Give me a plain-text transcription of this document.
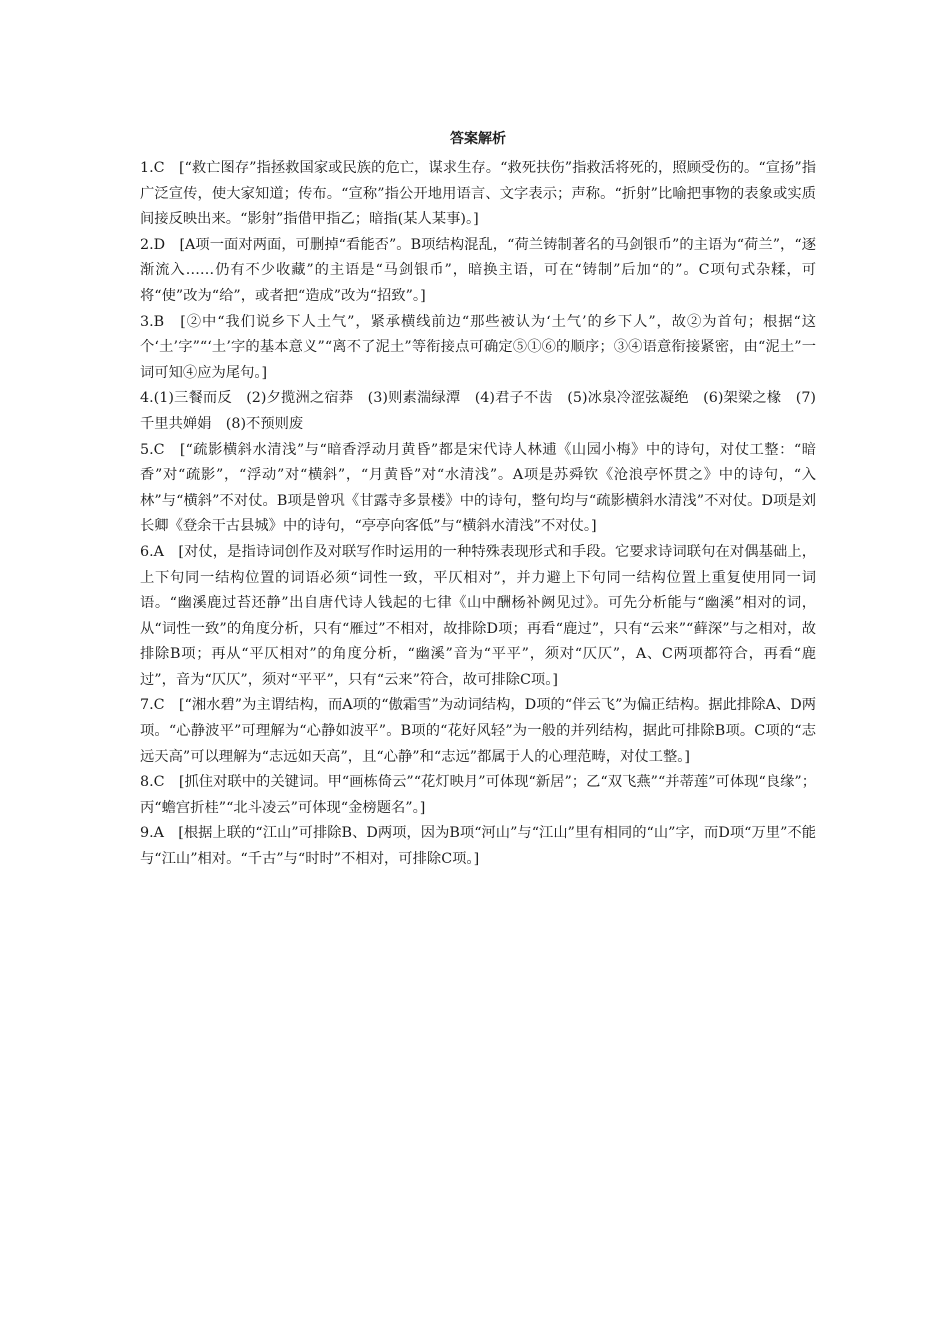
答案解析

1.C　[“救亡图存”指拯救国家或民族的危亡，谋求生存。“救死扶伤”指救活将死的，照顾受伤的。“宣扬”指广泛宣传，使大家知道；传布。“宣称”指公开地用语言、文字表示；声称。“折射”比喻把事物的表象或实质间接反映出来。“影射”指借甲指乙；暗指(某人某事)。]

2.D　[A项一面对两面，可删掉“看能否”。B项结构混乱，“荷兰铸制著名的马剑银币”的主语为“荷兰”，“逐渐流入……仍有不少收藏”的主语是“马剑银币”，暗换主语，可在“铸制”后加“的”。C项句式杂糅，可将“使”改为“给”，或者把“造成”改为“招致”。]

3.B　[②中“我们说乡下人土气”，紧承横线前边“那些被认为‘土气’的乡下人”，故②为首句；根据“这个‘土’字”“‘土’字的基本意义”“离不了泥土”等衔接点可确定⑤①⑥的顺序；③④语意衔接紧密，由“泥土”一词可知④应为尾句。]

4.(1)三餐而反　(2)夕揽洲之宿莽　(3)则素湍绿潭　(4)君子不齿　(5)冰泉冷涩弦凝绝　(6)架梁之椽　(7)千里共婵娟　(8)不预则废

5.C　[“疏影横斜水清浅”与“暗香浮动月黄昏”都是宋代诗人林逋《山园小梅》中的诗句，对仗工整：“暗香”对“疏影”，“浮动”对“横斜”，“月黄昏”对“水清浅”。A项是苏舜钦《沧浪亭怀贯之》中的诗句，“入林”与“横斜”不对仗。B项是曾巩《甘露寺多景楼》中的诗句，整句均与“疏影横斜水清浅”不对仗。D项是刘长卿《登余干古县城》中的诗句，“亭亭向客低”与“横斜水清浅”不对仗。]

6.A　[对仗，是指诗词创作及对联写作时运用的一种特殊表现形式和手段。它要求诗词联句在对偶基础上，上下句同一结构位置的词语必须“词性一致，平仄相对”，并力避上下句同一结构位置上重复使用同一词语。“幽溪鹿过苔还静”出自唐代诗人钱起的七律《山中酬杨补阙见过》。可先分析能与“幽溪”相对的词，从“词性一致”的角度分析，只有“雁过”不相对，故排除D项；再看“鹿过”，只有“云来”“藓深”与之相对，故排除B项；再从“平仄相对”的角度分析，“幽溪”音为“平平”，须对“仄仄”，A、C两项都符合，再看“鹿过”，音为“仄仄”，须对“平平”，只有“云来”符合，故可排除C项。]

7.C　[“湘水碧”为主谓结构，而A项的“傲霜雪”为动词结构，D项的“伴云飞”为偏正结构。据此排除A、D两项。“心静波平”可理解为“心静如波平”。B项的“花好风轻”为一般的并列结构，据此可排除B项。C项的“志远天高”可以理解为“志远如天高”，且“心静”和“志远”都属于人的心理范畴，对仗工整。]

8.C　[抓住对联中的关键词。甲“画栋倚云”“花灯映月”可体现“新居”；乙“双飞燕”“并蒂莲”可体现“良缘”；丙“蟾宫折桂”“北斗凌云”可体现“金榜题名”。]

9.A　[根据上联的“江山”可排除B、D两项，因为B项“河山”与“江山”里有相同的“山”字，而D项“万里”不能与“江山”相对。“千古”与“时时”不相对，可排除C项。]
